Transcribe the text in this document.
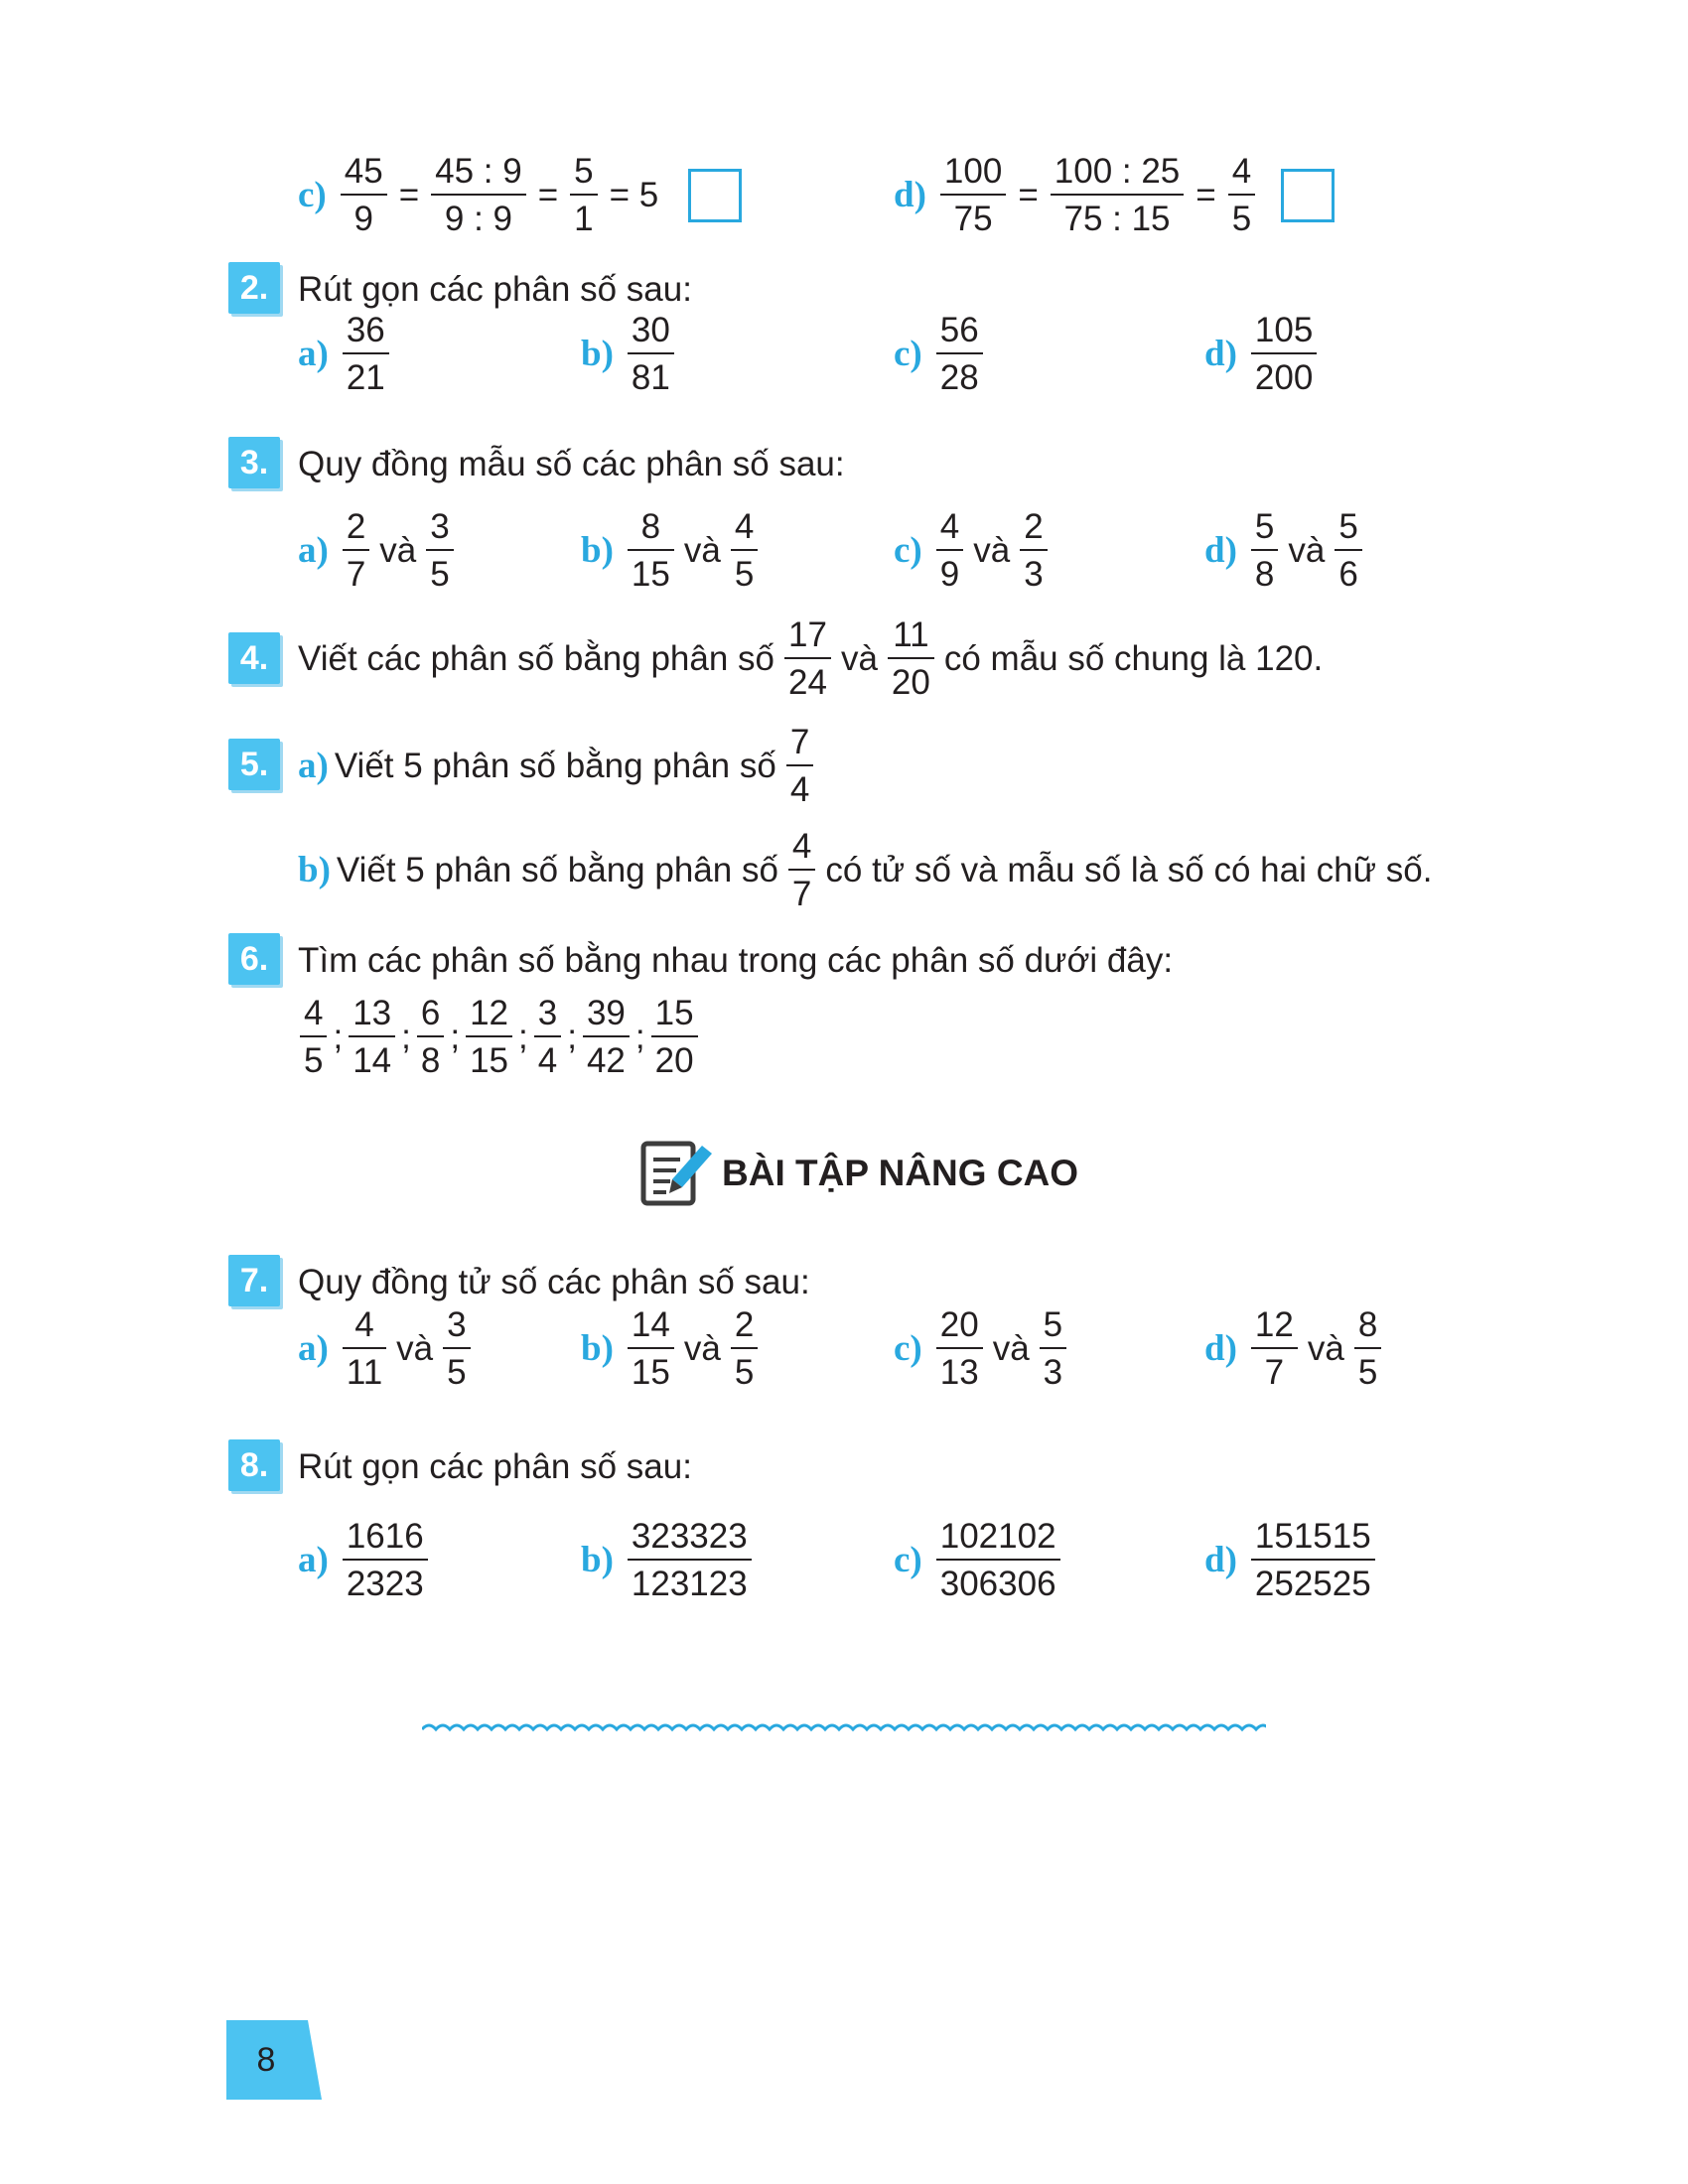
$c) \frac{45}{9} = \frac{45 : 9}{9 : 9} = \frac{5}{1} = 5$	$d) \frac{100}{75} = \frac{100 : 25}{75 : 15} = \frac{4}{5}$
2. Rút gọn các phân số sau:
$a) \frac{36}{21}$	$b) \frac{30}{81}$	$c) \frac{56}{28}$	$d) \frac{105}{200}$
3. Quy đồng mẫu số các phân số sau:
$a) \frac{2}{7}$ và $\frac{3}{5}$	$b) \frac{8}{15}$ và $\frac{4}{5}$	$c) \frac{4}{9}$ và $\frac{2}{3}$	$d) \frac{5}{8}$ và $\frac{5}{6}$
4. Viết các phân số bằng phân số $\frac{17}{24}$ và $\frac{11}{20}$ có mẫu số chung là 120.
5. a) Viết 5 phân số bằng phân số $\frac{7}{4}$
b) Viết 5 phân số bằng phân số $\frac{4}{7}$ có tử số và mẫu số là số có hai chữ số.
6. Tìm các phân số bằng nhau trong các phân số dưới đây:
$\frac{4}{5}$ ; $\frac{13}{14}$ ; $\frac{6}{8}$ ; $\frac{12}{15}$ ; $\frac{3}{4}$ ; $\frac{39}{42}$ ; $\frac{15}{20}$
BÀI TẬP NÂNG CAO
7. Quy đồng tử số các phân số sau:
$a) \frac{4}{11}$ và $\frac{3}{5}$	$b) \frac{14}{15}$ và $\frac{2}{5}$	$c) \frac{20}{13}$ và $\frac{5}{3}$	$d) \frac{12}{7}$ và $\frac{8}{5}$
8. Rút gọn các phân số sau:
$a) \frac{1616}{2323}$	$b) \frac{323323}{123123}$	$c) \frac{102102}{306306}$	$d) \frac{151515}{252525}$
8
